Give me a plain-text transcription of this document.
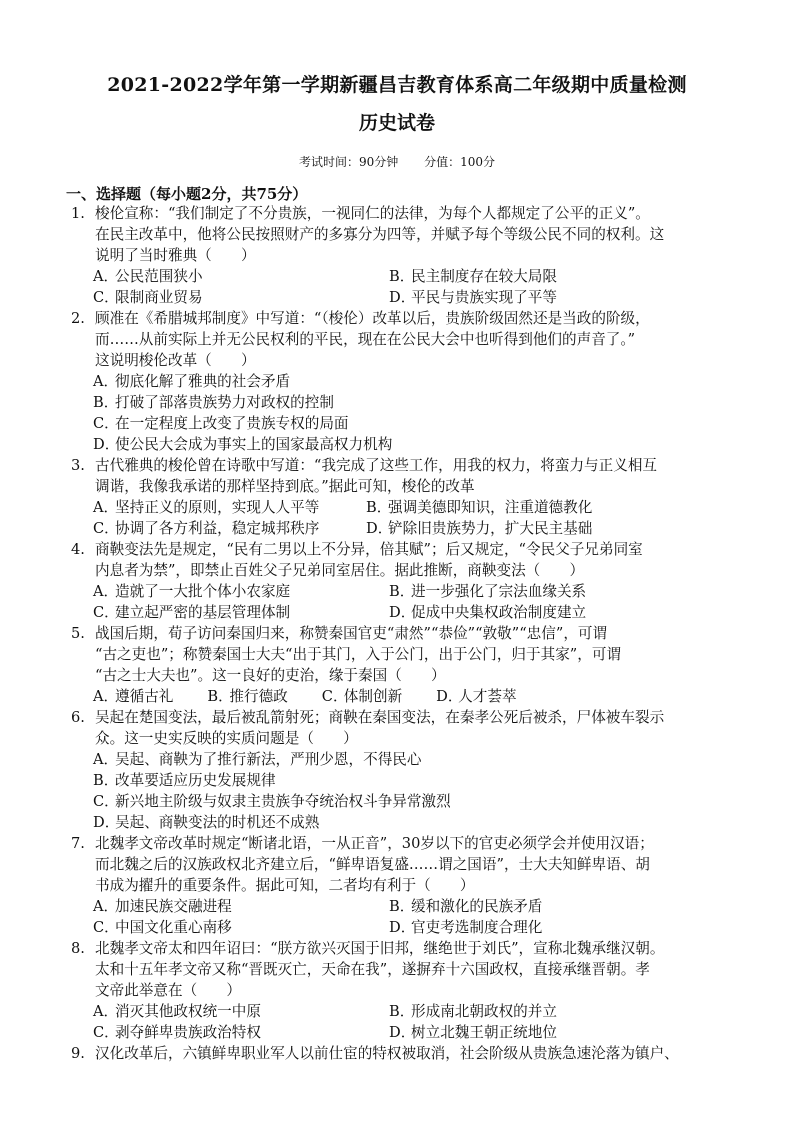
2021-2022学年第一学期新疆昌吉教育体系高二年级期中质量检测
历史试卷
考试时间：90分钟 分值：100分
一、选择题（每小题2分，共75分）
1. 梭伦宣称：“我们制定了不分贵族，一视同仁的法律，为每个人都规定了公平的正义”。
在民主改革中，他将公民按照财产的多寡分为四等，并赋予每个等级公民不同的权利。这
说明了当时雅典（　　）
A．公民范围狭小	B．民主制度存在较大局限
C．限制商业贸易	D．平民与贵族实现了平等
2. 顾准在《希腊城邦制度》中写道：“（梭伦）改革以后，贵族阶级固然还是当政的阶级，
而……从前实际上并无公民权利的平民，现在在公民大会中也听得到他们的声音了。”
这说明梭伦改革（　　）
A．彻底化解了雅典的社会矛盾
B．打破了部落贵族势力对政权的控制
C．在一定程度上改变了贵族专权的局面
D．使公民大会成为事实上的国家最高权力机构
3. 古代雅典的梭伦曾在诗歌中写道：“我完成了这些工作，用我的权力，将蛮力与正义相互
调谐，我像我承诺的那样坚持到底。”据此可知，梭伦的改革
A．坚持正义的原则，实现人人平等	B．强调美德即知识，注重道德教化
C．协调了各方利益，稳定城邦秩序	D．铲除旧贵族势力，扩大民主基础
4. 商鞅变法先是规定，“民有二男以上不分异，倍其赋”；后又规定，“令民父子兄弟同室
内息者为禁”，即禁止百姓父子兄弟同室居住。据此推断，商鞅变法（　　）
A．造就了一大批个体小农家庭	B．进一步强化了宗法血缘关系
C．建立起严密的基层管理体制	D．促成中央集权政治制度建立
5. 战国后期，荀子访问秦国归来，称赞秦国官吏“肃然”“恭俭”“敦敬”“忠信”，可谓
“古之吏也”；称赞秦国士大夫“出于其门，入于公门，出于公门，归于其家”，可谓
“古之士大夫也”。这一良好的吏治，缘于秦国（　　）
A．遵循古礼 B．推行德政 C．体制创新 D．人才荟萃
6. 吴起在楚国变法，最后被乱箭射死；商鞅在秦国变法，在秦孝公死后被杀，尸体被车裂示
众。这一史实反映的实质问题是（　　）
A．吴起、商鞅为了推行新法，严刑少恩，不得民心
B．改革要适应历史发展规律
C．新兴地主阶级与奴隶主贵族争夺统治权斗争异常激烈
D．吴起、商鞅变法的时机还不成熟
7. 北魏孝文帝改革时规定“断诸北语，一从正音”，30岁以下的官吏必须学会并使用汉语；
而北魏之后的汉族政权北齐建立后，“鲜卑语复盛……谓之国语”，士大夫知鲜卑语、胡
书成为擢升的重要条件。据此可知，二者均有利于（　　）
A．加速民族交融进程	B．缓和激化的民族矛盾
C．中国文化重心南移	D．官吏考选制度合理化
8. 北魏孝文帝太和四年诏曰：“朕方欲兴灭国于旧邦，继绝世于刘氏”，宣称北魏承继汉朝。
太和十五年孝文帝又称“晋既灭亡，天命在我”，遂摒弃十六国政权，直接承继晋朝。孝
文帝此举意在（　　）
A．消灭其他政权统一中原	B．形成南北朝政权的并立
C．剥夺鲜卑贵族政治特权	D．树立北魏王朝正统地位
9. 汉化改革后，六镇鲜卑职业军人以前仕宦的特权被取消，社会阶级从贵族急速沦落为镇户、
